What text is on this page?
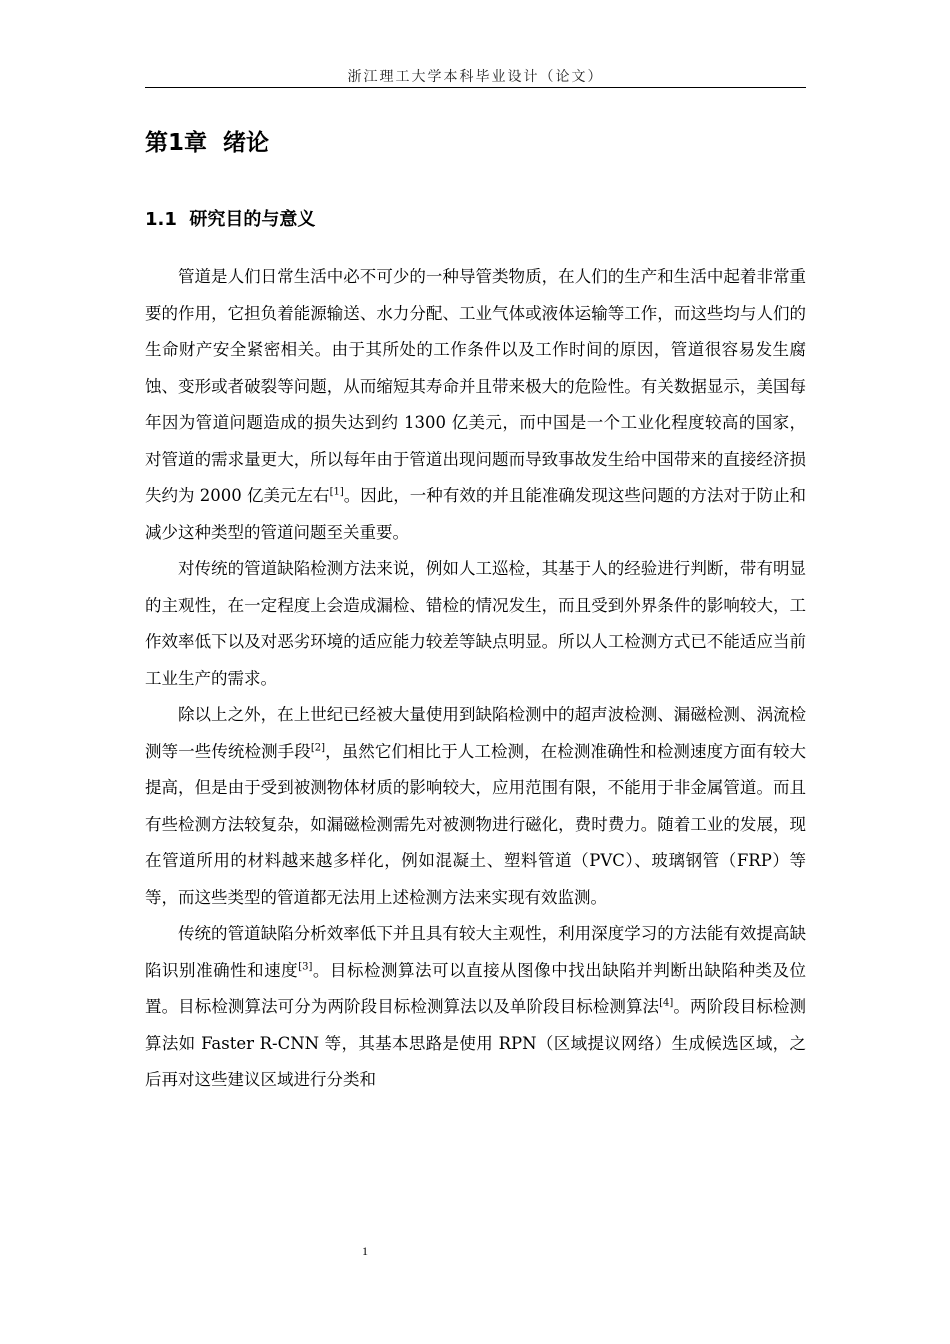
浙江理工大学本科毕业设计（论文）
第1章  绪论
1.1  研究目的与意义

管道是人们日常生活中必不可少的一种导管类物质，在人们的生产和生活中起着非常重要的作用，它担负着能源输送、水力分配、工业气体或液体运输等工作，而这些均与人们的生命财产安全紧密相关。由于其所处的工作条件以及工作时间的原因，管道很容易发生腐蚀、变形或者破裂等问题，从而缩短其寿命并且带来极大的危险性。有关数据显示，美国每年因为管道问题造成的损失达到约 1300 亿美元，而中国是一个工业化程度较高的国家，对管道的需求量更大，所以每年由于管道出现问题而导致事故发生给中国带来的直接经济损失约为 2000 亿美元左右[1]。因此，一种有效的并且能准确发现这些问题的方法对于防止和减少这种类型的管道问题至关重要。

对传统的管道缺陷检测方法来说，例如人工巡检，其基于人的经验进行判断，带有明显的主观性，在一定程度上会造成漏检、错检的情况发生，而且受到外界条件的影响较大，工作效率低下以及对恶劣环境的适应能力较差等缺点明显。所以人工检测方式已不能适应当前工业生产的需求。

除以上之外，在上世纪已经被大量使用到缺陷检测中的超声波检测、漏磁检测、涡流检测等一些传统检测手段[2]，虽然它们相比于人工检测，在检测准确性和检测速度方面有较大提高，但是由于受到被测物体材质的影响较大，应用范围有限，不能用于非金属管道。而且有些检测方法较复杂，如漏磁检测需先对被测物进行磁化，费时费力。随着工业的发展，现在管道所用的材料越来越多样化，例如混凝土、塑料管道（PVC）、玻璃钢管（FRP）等等，而这些类型的管道都无法用上述检测方法来实现有效监测。

传统的管道缺陷分析效率低下并且具有较大主观性，利用深度学习的方法能有效提高缺陷识别准确性和速度[3]。目标检测算法可以直接从图像中找出缺陷并判断出缺陷种类及位置。目标检测算法可分为两阶段目标检测算法以及单阶段目标检测算法[4]。两阶段目标检测算法如 Faster R-CNN 等，其基本思路是使用 RPN（区域提议网络）生成候选区域，之后再对这些建议区域进行分类和

1
